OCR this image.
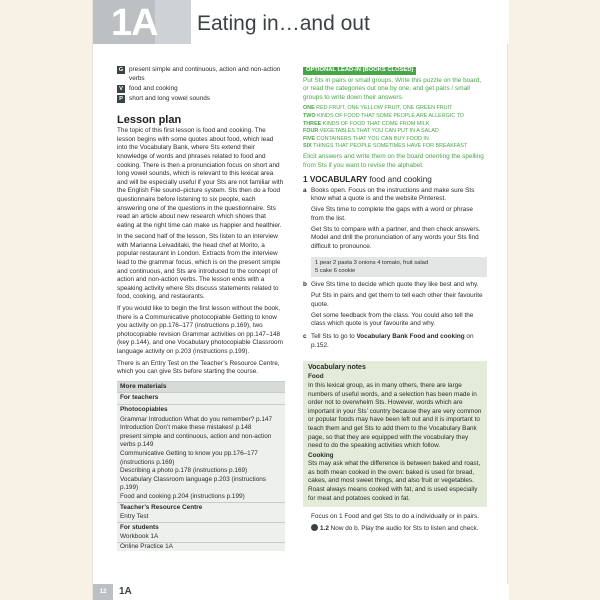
1A Eating in…and out
G present simple and continuous, action and non-action verbs
V food and cooking
P short and long vowel sounds
Lesson plan

The topic of this first lesson is food and cooking. The lesson begins with some quotes about food, which lead into the Vocabulary Bank, where Sts extend their knowledge of words and phrases related to food and cooking. There is then a pronunciation focus on short and long vowel sounds, which is relevant to this lexical area and will be especially useful if your Sts are not familiar with the English File sound–picture system. Sts then do a food questionnaire before listening to six people, each answering one of the questions in the questionnaire. Sts read an article about new research which shows that eating at the right time can make us happier and healthier.

In the second half of the lesson, Sts listen to an interview with Marianna Leivaditaki, the head chef at Morito, a popular restaurant in London. Extracts from the interview lead to the grammar focus, which is on the present simple and continuous, and Sts are introduced to the concept of action and non-action verbs. The lesson ends with a speaking activity where Sts discuss statements related to food, cooking, and restaurants.

If you would like to begin the first lesson without the book, there is a Communicative photocopiable Getting to know you activity on pp.176–177 (instructions p.169), two photocopiable revision Grammar activities on pp.147–148 (key p.144), and one Vocabulary photocopiable Classroom language activity on p.203 (instructions p.199).

There is an Entry Test on the Teacher’s Resource Centre, which you can give Sts before starting the course.

More materials
For teachers
Photocopiables
Grammar Introduction What do you remember? p.147
Introduction Don’t make these mistakes! p.148
present simple and continuous, action and non-action verbs p.149
Communicative Getting to know you pp.176–177 (instructions p.169)
Describing a photo p.178 (instructions p.169)
Vocabulary Classroom language p.203 (instructions p.199)
Food and cooking p.204 (instructions p.199)
Teacher’s Resource Centre
Entry Test
For students
Workbook 1A
Online Practice 1A
OPTIONAL LEAD-IN (BOOKS CLOSED)

Put Sts in pairs or small groups. Write this puzzle on the board, or read the categories out one by one, and get pairs / small groups to write down their answers.

ONE RED FRUIT, ONE YELLOW FRUIT, ONE GREEN FRUIT
TWO KINDS OF FOOD THAT SOME PEOPLE ARE ALLERGIC TO
THREE KINDS OF FOOD THAT COME FROM MILK
FOUR VEGETABLES THAT YOU CAN PUT IN A SALAD
FIVE CONTAINERS THAT YOU CAN BUY FOOD IN
SIX THINGS THAT PEOPLE SOMETIMES HAVE FOR BREAKFAST

Elicit answers and write them on the board orienting the spelling from Sts if you want to revise the alphabet.

1 VOCABULARY food and cooking
a Books open. Focus on the instructions and make sure Sts know what a quote is and the website Pinterest.

Give Sts time to complete the gaps with a word or phrase from the list.

Get Sts to compare with a partner, and then check answers. Model and drill the pronunciation of any words your Sts find difficult to pronounce.

1 pear 2 pasta 3 onions 4 tomato, fruit salad
5 cake 6 cookie
b Give Sts time to decide which quote they like best and why.

Put Sts in pairs and get them to tell each other their favourite quote.

Get some feedback from the class. You could also tell the class which quote is your favourite and why.

c Tell Sts to go to Vocabulary Bank Food and cooking on p.152.

Vocabulary notes
Food

In this lexical group, as in many others, there are large numbers of useful words, and a selection has been made in order not to overwhelm Sts. However, words which are important in your Sts’ country because they are very common or popular foods may have been left out and it is important to teach them and get Sts to add them to the Vocabulary Bank page, so that they are equipped with the vocabulary they need to do the speaking activities which follow.

Cooking

Sts may ask what the difference is between baked and roast, as both mean cooked in the oven: baked is used for bread, cakes, and most sweet things, and also fruit or vegetables. Roast always means cooked with fat, and is used especially for meat and potatoes cooked in fat.

Focus on 1 Food and get Sts to do a individually or in pairs.

1.2 Now do b. Play the audio for Sts to listen and check.

12	1A
